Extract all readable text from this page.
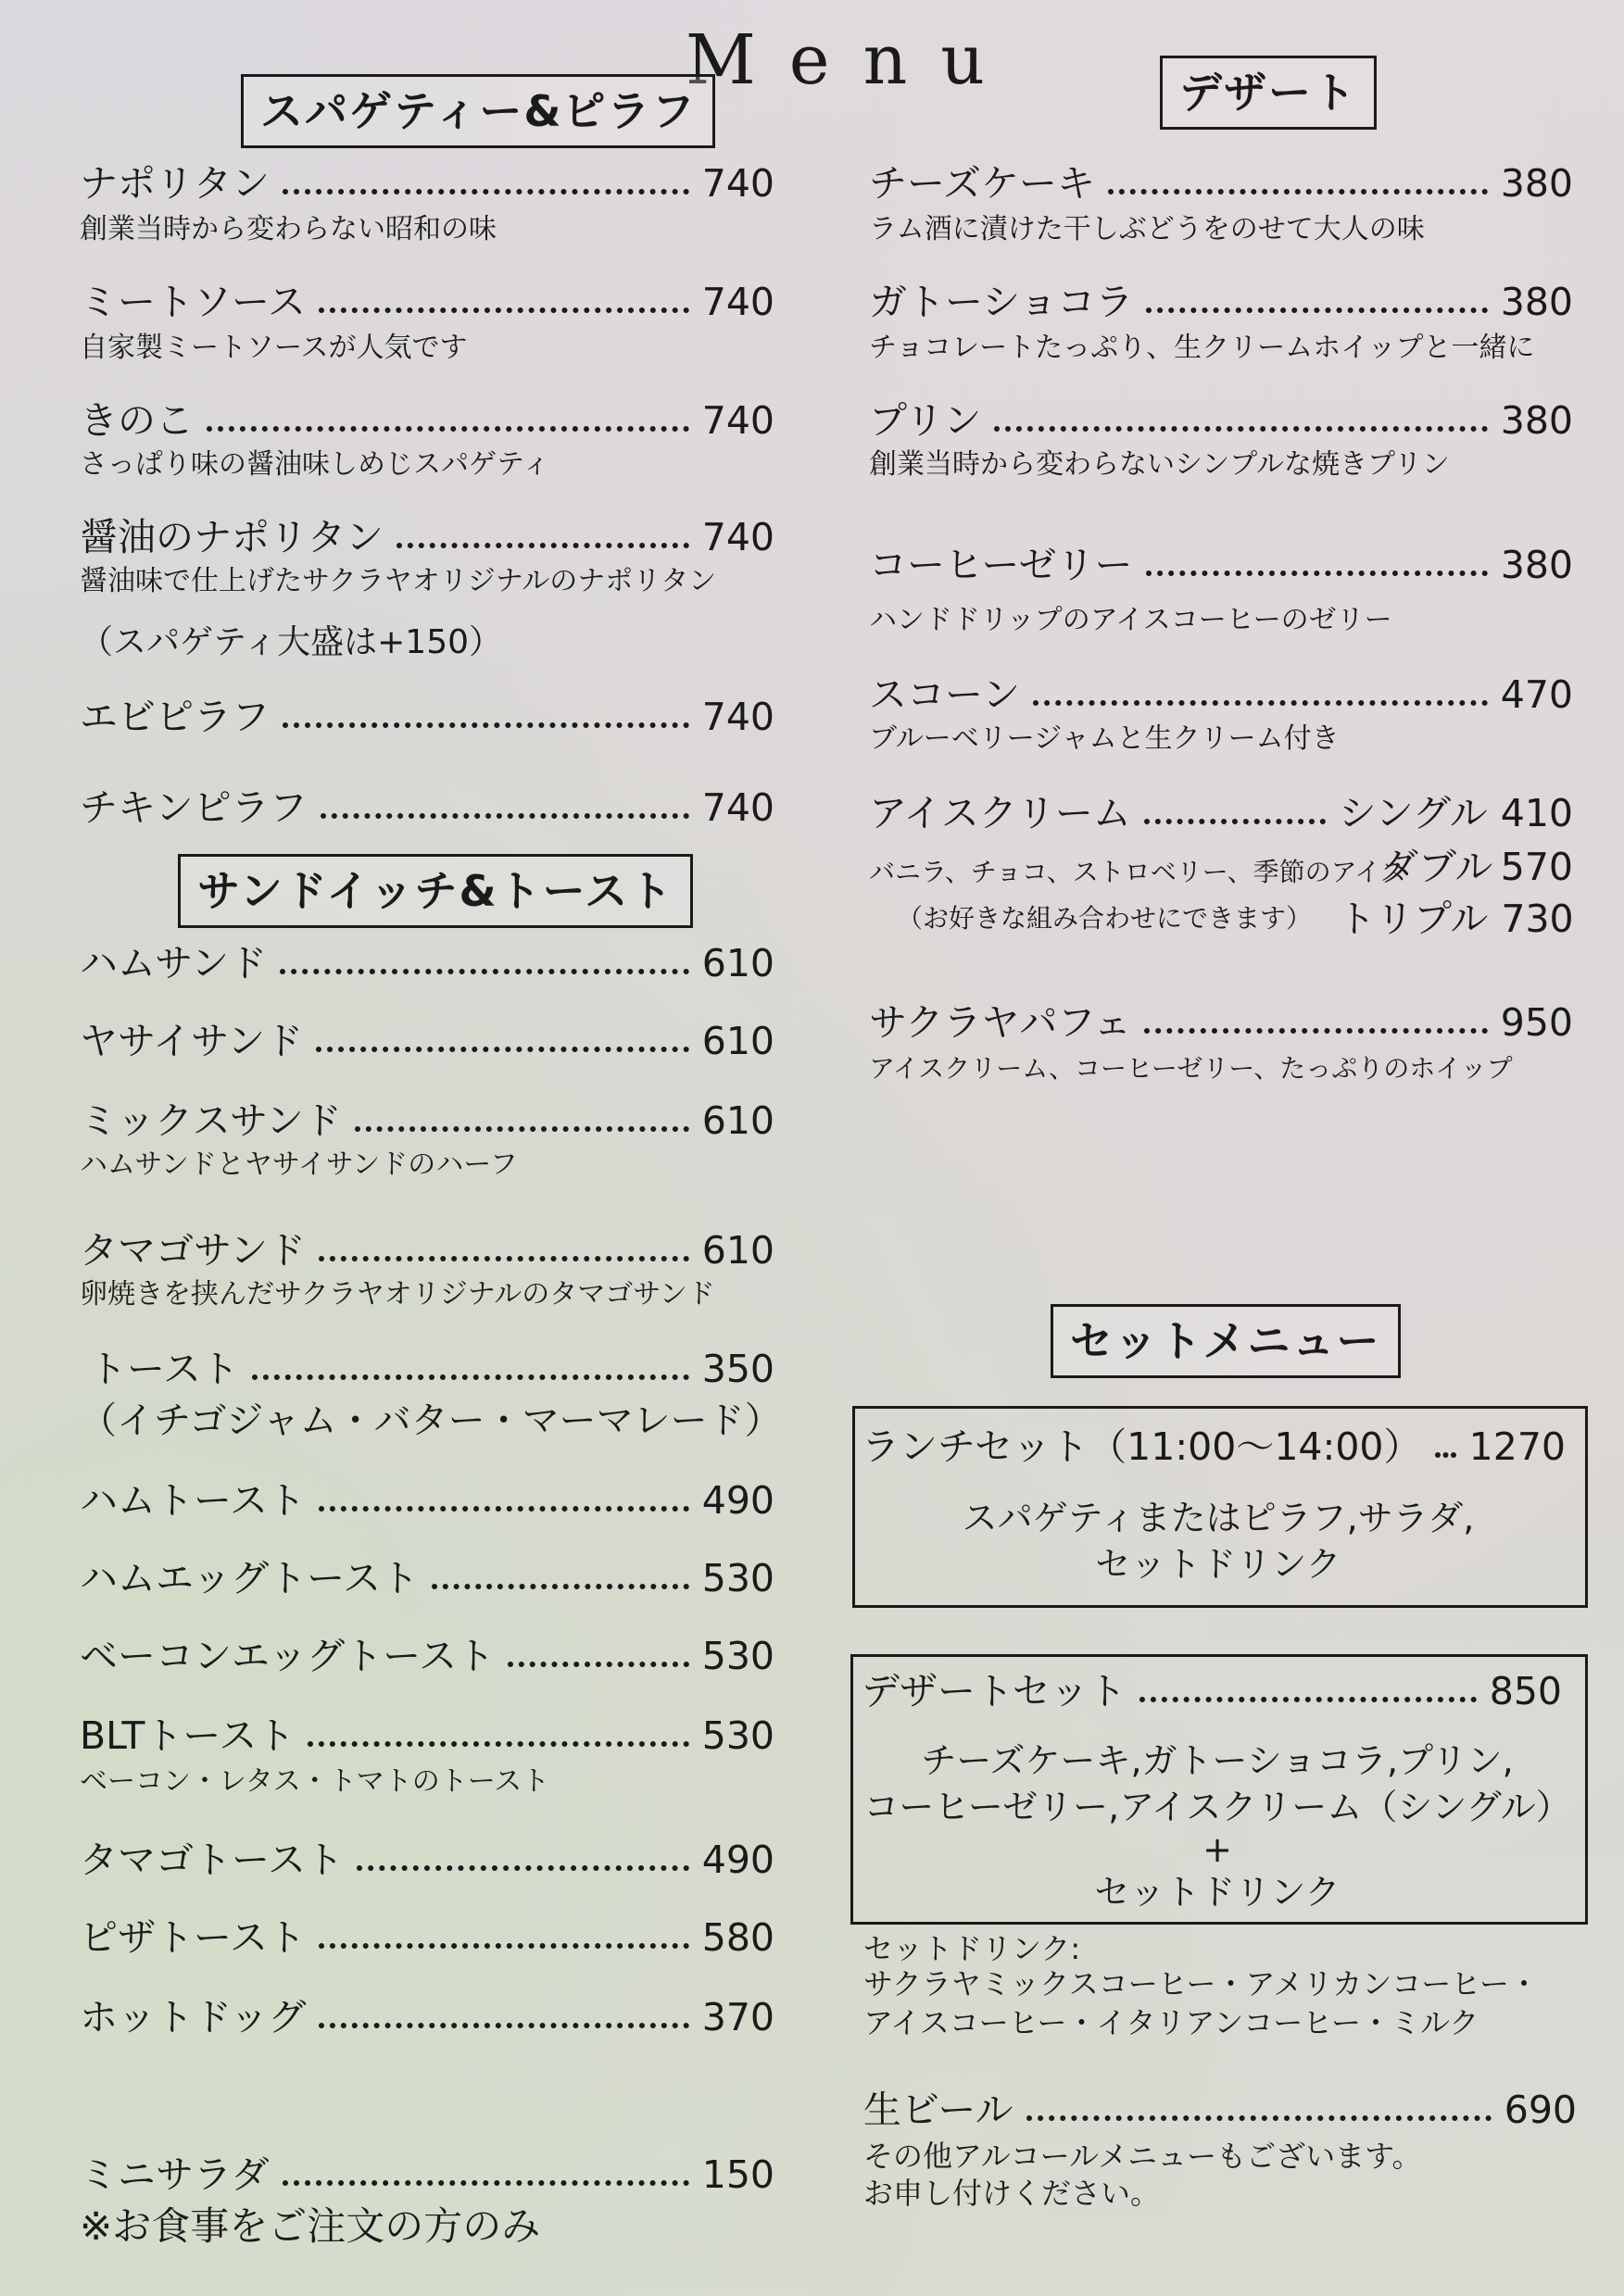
Menu
スパゲティー&ピラフ
ナポリタン	740
創業当時から変わらない昭和の味
ミートソース	740
自家製ミートソースが人気です
きのこ	740
さっぱり味の醤油味しめじスパゲティ
醤油のナポリタン	740
醤油味で仕上げたサクラヤオリジナルのナポリタン
（スパゲティ大盛は+150）
エビピラフ	740
チキンピラフ	740
サンドイッチ&トースト
ハムサンド	610
ヤサイサンド	610
ミックスサンド	610
ハムサンドとヤサイサンドのハーフ
タマゴサンド	610
卵焼きを挟んだサクラヤオリジナルのタマゴサンド
トースト	350
（イチゴジャム・バター・マーマレード）
ハムトースト	490
ハムエッグトースト	530
ベーコンエッグトースト	530
BLTトースト	530
ベーコン・レタス・トマトのトースト
タマゴトースト	490
ピザトースト	580
ホットドッグ	370
ミニサラダ	150
※お食事をご注文の方のみ
デザート
チーズケーキ	380
ラム酒に漬けた干しぶどうをのせて大人の味
ガトーショコラ	380
チョコレートたっぷり、生クリームホイップと一緒に
プリン	380
創業当時から変わらないシンプルな焼きプリン
コーヒーゼリー	380
ハンドドリップのアイスコーヒーのゼリー
スコーン	470
ブルーベリージャムと生クリーム付き
アイスクリーム	シングル 410
バニラ、チョコ、ストロベリー、季節のアイス
ダブル 570
（お好きな組み合わせにできます） トリプル 730
サクラヤパフェ	950
アイスクリーム、コーヒーゼリー、たっぷりのホイップ
セットメニュー
ランチセット（11:00〜14:00） 1270
スパゲティまたはピラフ,サラダ,
セットドリンク
デザートセット	850
チーズケーキ,ガトーショコラ,プリン,
コーヒーゼリー,アイスクリーム（シングル）
+
セットドリンク
セットドリンク:
サクラヤミックスコーヒー・アメリカンコーヒー・
アイスコーヒー・イタリアンコーヒー・ミルク
生ビール	690
その他アルコールメニューもございます。
お申し付けください。
